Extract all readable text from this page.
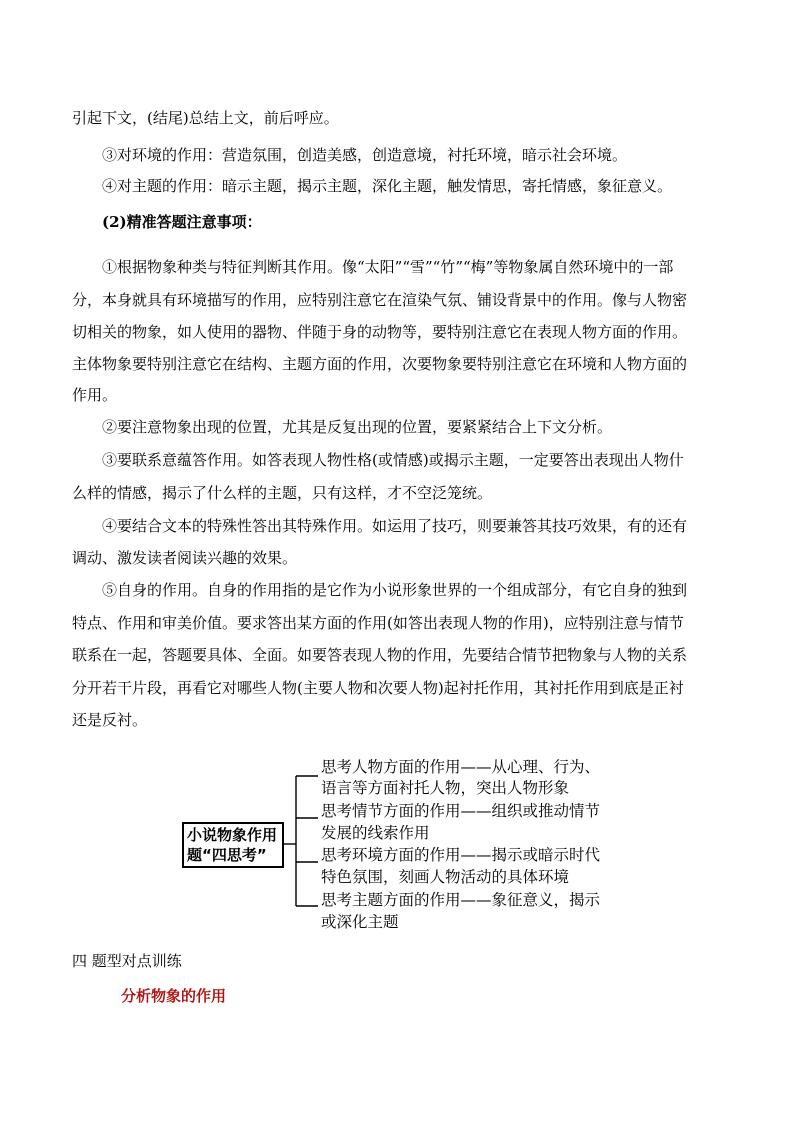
引起下文，(结尾)总结上文，前后呼应。
③对环境的作用：营造氛围，创造美感，创造意境，衬托环境，暗示社会环境。
④对主题的作用：暗示主题，揭示主题，深化主题，触发情思，寄托情感，象征意义。
(2)精准答题注意事项：
①根据物象种类与特征判断其作用。像“太阳”“雪”“竹”“梅”等物象属自然环境中的一部
分，本身就具有环境描写的作用，应特别注意它在渲染气氛、铺设背景中的作用。像与人物密
切相关的物象，如人使用的器物、伴随于身的动物等，要特别注意它在表现人物方面的作用。
主体物象要特别注意它在结构、主题方面的作用，次要物象要特别注意它在环境和人物方面的
作用。
②要注意物象出现的位置，尤其是反复出现的位置，要紧紧结合上下文分析。
③要联系意蕴答作用。如答表现人物性格(或情感)或揭示主题，一定要答出表现出人物什
么样的情感，揭示了什么样的主题，只有这样，才不空泛笼统。
④要结合文本的特殊性答出其特殊作用。如运用了技巧，则要兼答其技巧效果，有的还有
调动、激发读者阅读兴趣的效果。
⑤自身的作用。自身的作用指的是它作为小说形象世界的一个组成部分，有它自身的独到
特点、作用和审美价值。要求答出某方面的作用(如答出表现人物的作用)，应特别注意与情节
联系在一起，答题要具体、全面。如要答表现人物的作用，先要结合情节把物象与人物的关系
分开若干片段，再看它对哪些人物(主要人物和次要人物)起衬托作用，其衬托作用到底是正衬
还是反衬。
小说物象作用
题“四思考”
思考人物方面的作用——从心理、行为、
语言等方面衬托人物，突出人物形象
思考情节方面的作用——组织或推动情节
发展的线索作用
思考环境方面的作用——揭示或暗示时代
特色氛围，刻画人物活动的具体环境
思考主题方面的作用——象征意义，揭示
或深化主题
四 题型对点训练
分析物象的作用
